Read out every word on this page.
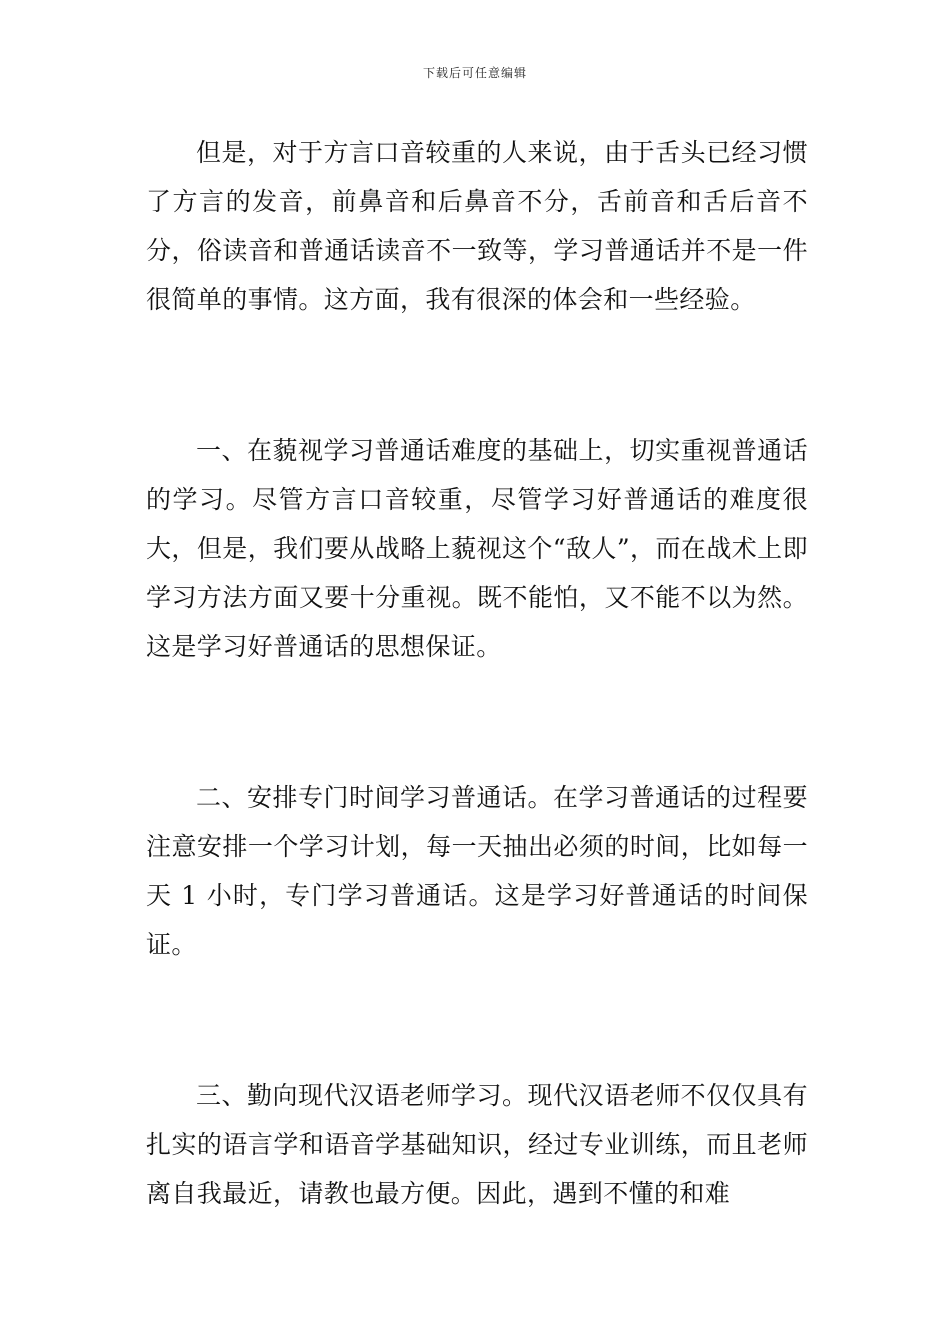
下载后可任意编辑

但是，对于方言口音较重的人来说，由于舌头已经习惯了方言的发音，前鼻音和后鼻音不分，舌前音和舌后音不分，俗读音和普通话读音不一致等，学习普通话并不是一件很简单的事情。这方面，我有很深的体会和一些经验。

一、在藐视学习普通话难度的基础上，切实重视普通话的学习。尽管方言口音较重，尽管学习好普通话的难度很大，但是，我们要从战略上藐视这个“敌人”，而在战术上即学习方法方面又要十分重视。既不能怕，又不能不以为然。这是学习好普通话的思想保证。

二、安排专门时间学习普通话。在学习普通话的过程要注意安排一个学习计划，每一天抽出必须的时间，比如每一天 1 小时，专门学习普通话。这是学习好普通话的时间保证。

三、勤向现代汉语老师学习。现代汉语老师不仅仅具有扎实的语言学和语音学基础知识，经过专业训练，而且老师离自我最近，请教也最方便。因此，遇到不懂的和难
